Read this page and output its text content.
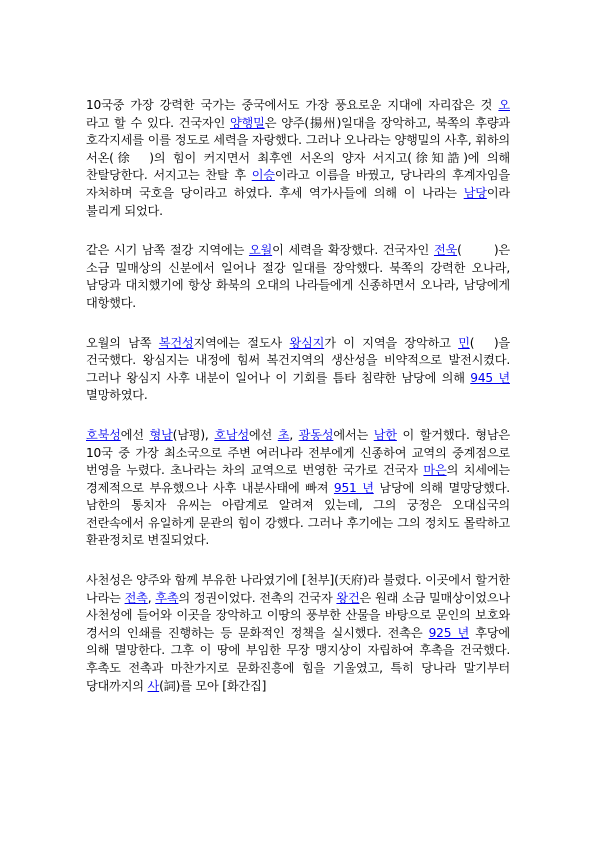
10국중 가장 강력한 국가는 중국에서도 가장 풍요로운 지대에 자리잡은 것 오 라고 할 수 있다. 건국자인 양행밀은 양주(揚州)일대을 장악하고, 북쪽의 후량과 호각지세를 이를 정도로 세력을 자랑했다. 그러나 오나라는 양행밀의 사후, 휘하의 서온(徐　)의 힘이 커지면서 최후엔 서온의 양자 서지고(徐知誥)에 의해 찬탈당한다. 서지고는 찬탈 후 이승이라고 이름을 바꿨고, 당나라의 후계자임을 자처하며 국호을 당이라고 하였다. 후세 역가사들에 의해 이 나라는 남당이라 불리게 되었다.

같은 시기 남쪽 절강 지역에는 오월이 세력을 확장했다. 건국자인 전욱(　 　)은 소금 밀매상의 신분에서 일어나 절강 일대를 장악했다. 북쪽의 강력한 오나라, 남당과 대치했기에 항상 화북의 오대의 나라들에게 신종하면서 오나라, 남당에게 대항했다.

오월의 남쪽 복건성지역에는 절도사 왕심지가 이 지역을 장악하고 민(　)을 건국했다. 왕심지는 내정에 힘써 복건지역의 생산성을 비약적으로 발전시켰다. 그러나 왕심지 사후 내분이 일어나 이 기회를 틈타 침략한 남당에 의해 945 년 멸망하였다.

호북성에선 형남(남평), 호남성에선 초, 광동성에서는 남한 이 할거했다. 형남은 10국 중 가장 최소국으로 주변 여러나라 전부에게 신종하여 교역의 중계점으로 번영을 누렸다. 초나라는 차의 교역으로 번영한 국가로 건국자 마은의 치세에는 경제적으로 부유했으나 사후 내분사태에 빠져 951 년 남당에 의해 멸망당했다. 남한의 통치자 유씨는 아람계로 알려져 있는데, 그의 궁정은 오대십국의 전란속에서 유일하게 문관의 힘이 강했다. 그러나 후기에는 그의 정치도 몰락하고 환관정치로 변질되었다.

사천성은 양주와 함께 부유한 나라였기에 [천부](天府)라 불렸다. 이곳에서 할거한 나라는 전촉, 후촉의 정권이었다. 전촉의 건국자 왕건은 원래 소금 밀매상이었으나 사천성에 들어와 이곳을 장악하고 이땅의 풍부한 산물을 바탕으로 문인의 보호와 경서의 인쇄를 진행하는 등 문화적인 정책을 실시했다. 전촉은 925 년 후당에 의해 멸망한다. 그후 이 땅에 부임한 무장 맹지상이 자립하여 후촉을 건국했다. 후촉도 전촉과 마찬가지로 문화진흥에 힘을 기울였고, 특히 당나라 말기부터 당대까지의 사(詞)를 모아 [화간집]
